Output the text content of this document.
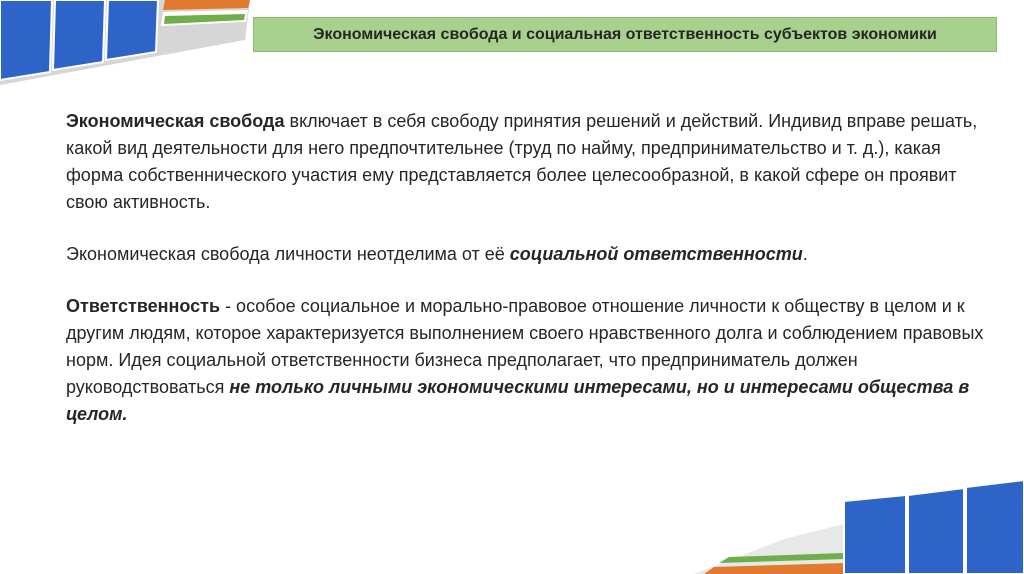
Экономическая свобода и социальная ответственность субъектов экономики

Экономическая свобода включает в себя свободу принятия решений и действий. Индивид вправе решать, какой вид деятельности для него предпочтительнее (труд по найму, предпринимательство и т. д.), какая форма собственнического участия ему представляется более целесообразной, в какой сфере он проявит свою активность.

Экономическая свобода личности неотделима от её социальной ответственности.

Ответственность - особое социальное и морально-правовое отношение личности к обществу в целом и к другим людям, которое характеризуется выполнением своего нравственного долга и соблюдением правовых норм. Идея социальной ответственности бизнеса предполагает, что предприниматель должен руководствоваться не только личными экономическими интересами, но и интересами общества в целом.
